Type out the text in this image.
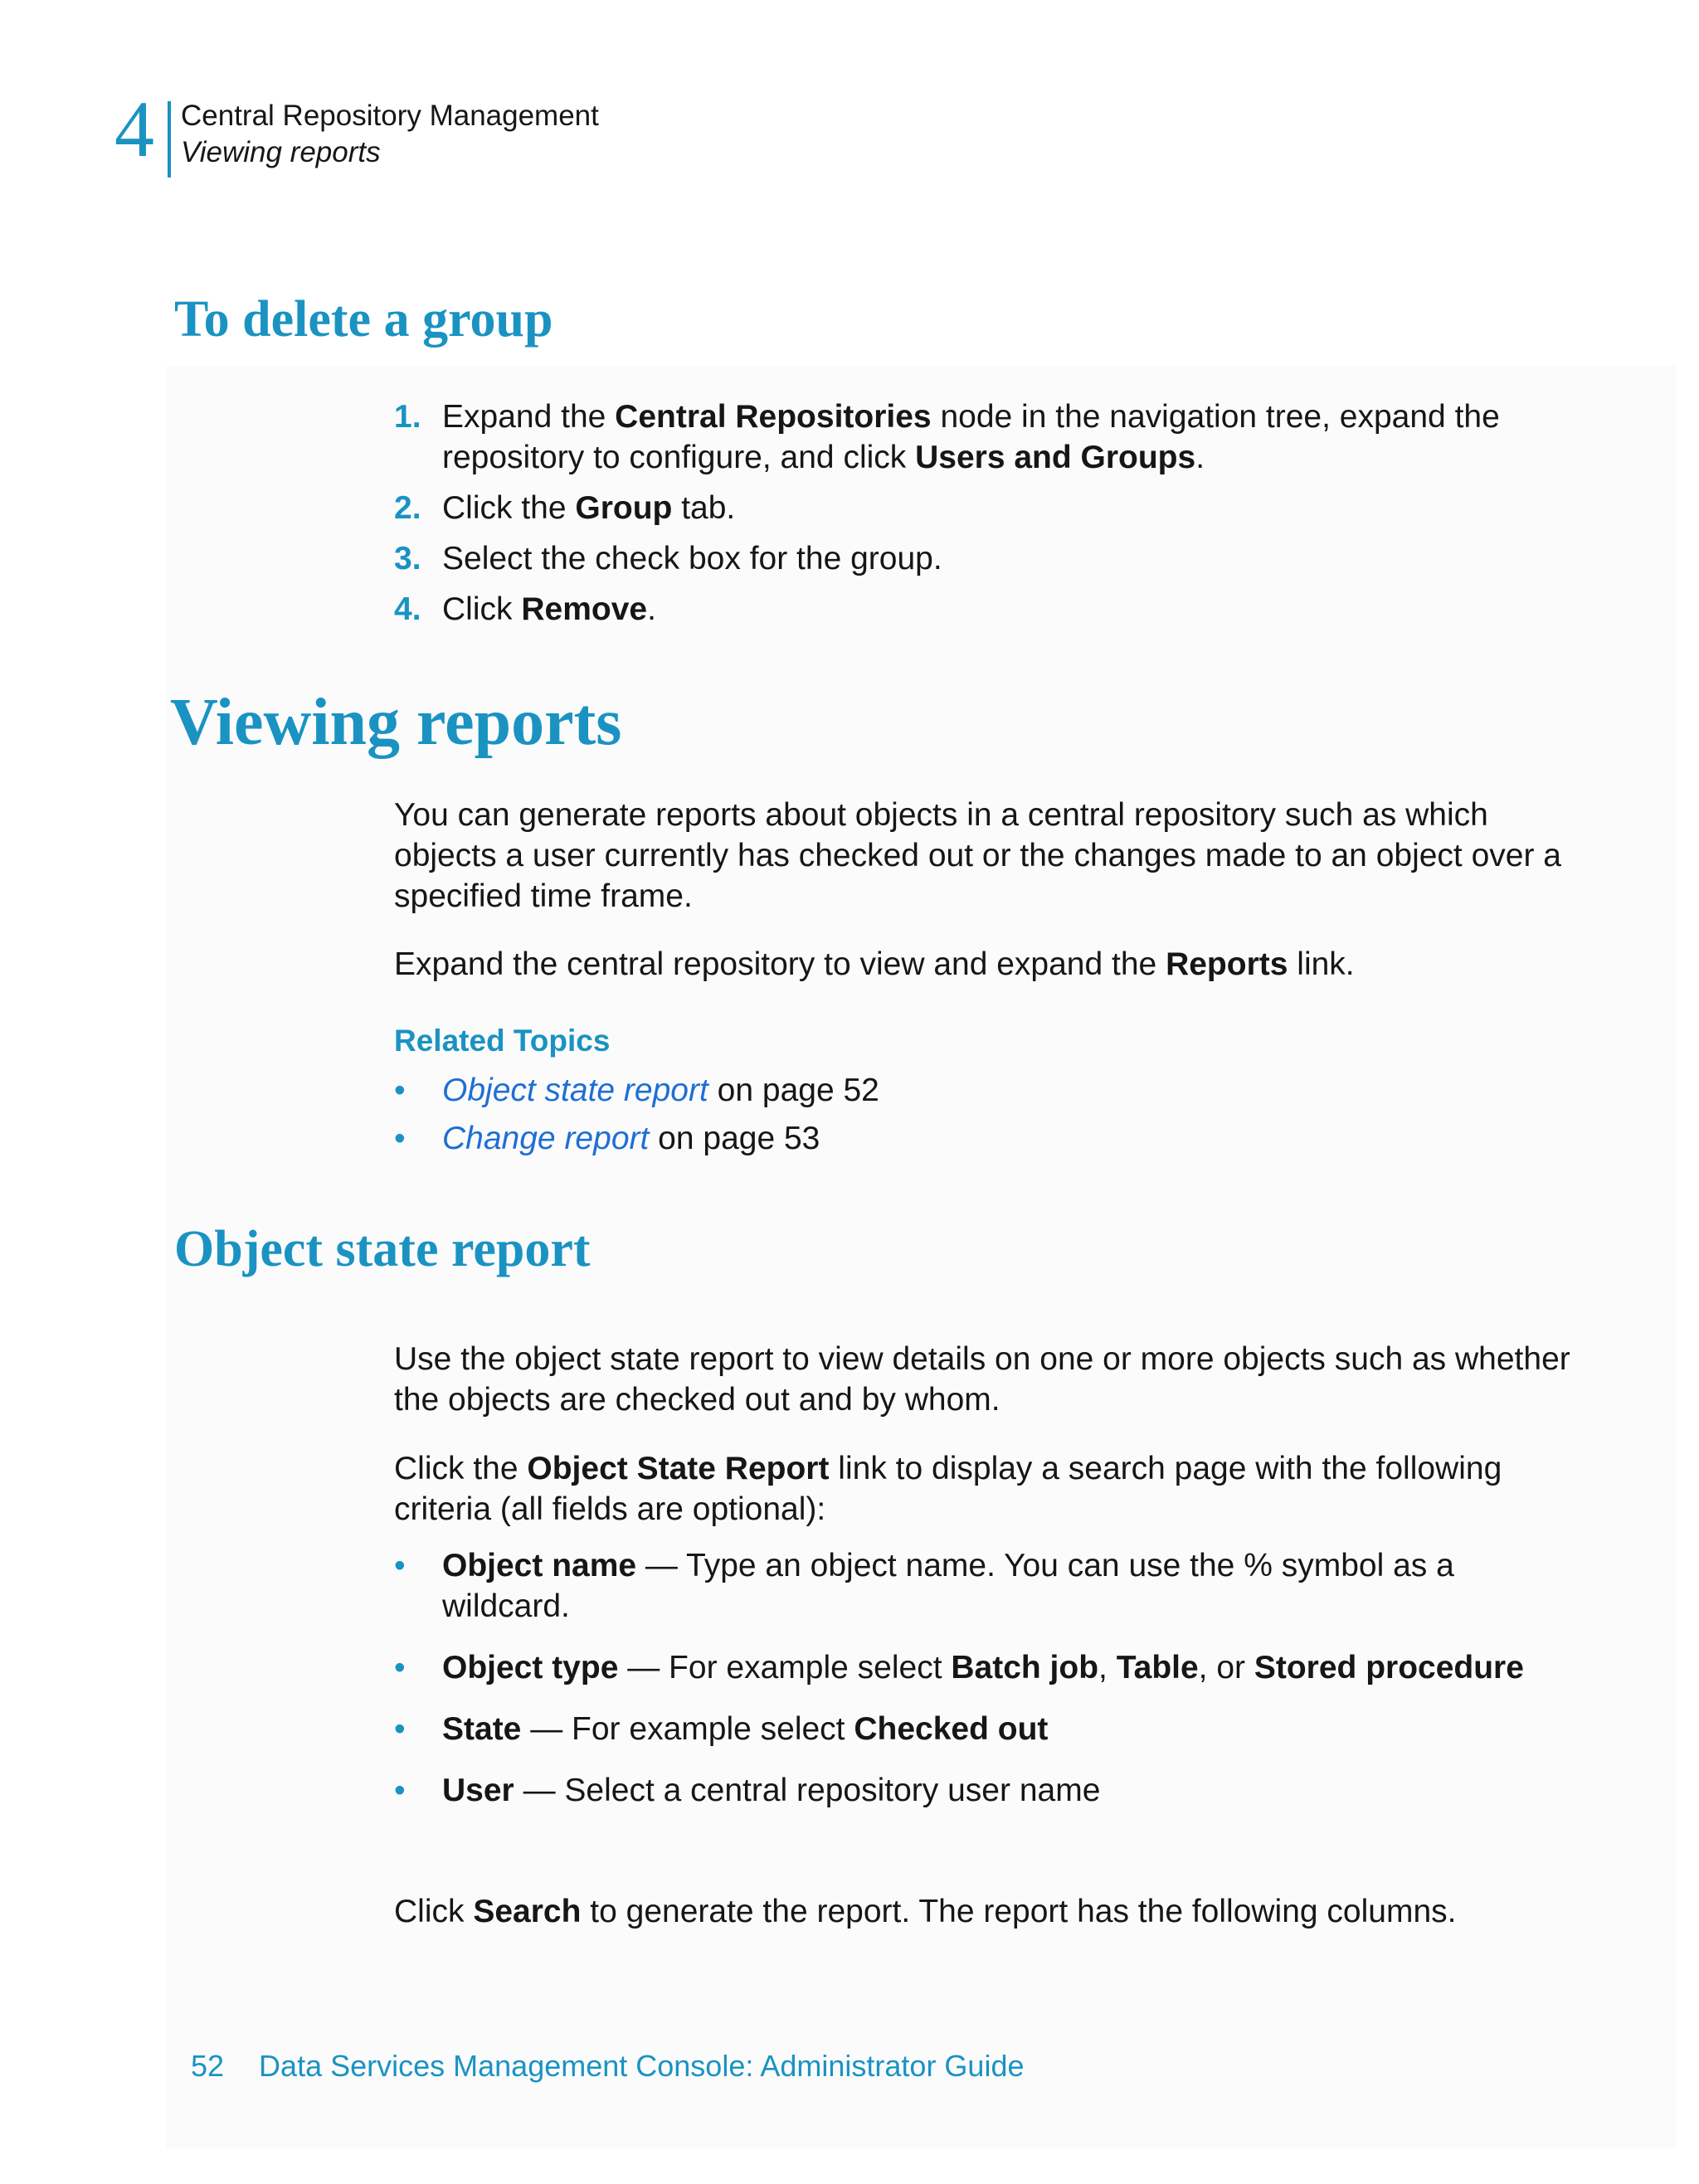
4 Central Repository Management
Viewing reports
To delete a group
1. Expand the Central Repositories node in the navigation tree, expand the repository to configure, and click Users and Groups.
2. Click the Group tab.
3. Select the check box for the group.
4. Click Remove.
Viewing reports

You can generate reports about objects in a central repository such as which objects a user currently has checked out or the changes made to an object over a specified time frame.

Expand the central repository to view and expand the Reports link.

Related Topics

• Object state report on page 52
• Change report on page 53
Object state report

Use the object state report to view details on one or more objects such as whether the objects are checked out and by whom.

Click the Object State Report link to display a search page with the following criteria (all fields are optional):

• Object name — Type an object name. You can use the % symbol as a wildcard.
• Object type — For example select Batch job, Table, or Stored procedure
• State — For example select Checked out
• User — Select a central repository user name

Click Search to generate the report. The report has the following columns.

52 Data Services Management Console: Administrator Guide
